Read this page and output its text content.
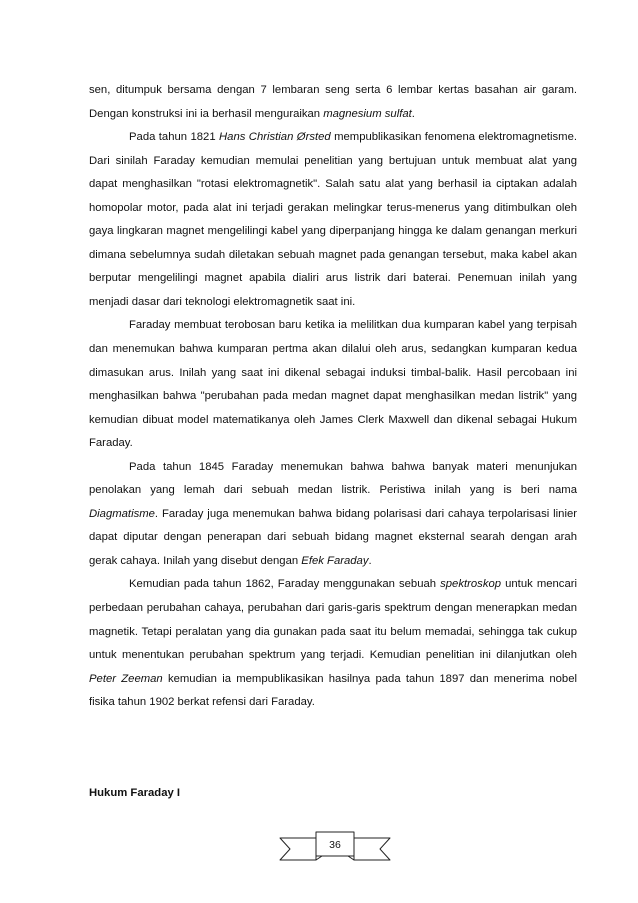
sen, ditumpuk bersama dengan 7 lembaran seng serta 6 lembar kertas basahan air garam. Dengan konstruksi ini ia berhasil menguraikan magnesium sulfat.

Pada tahun 1821 Hans Christian Ørsted mempublikasikan fenomena elektromagnetisme. Dari sinilah Faraday kemudian memulai penelitian yang bertujuan untuk membuat alat yang dapat menghasilkan "rotasi elektromagnetik". Salah satu alat yang berhasil ia ciptakan adalah homopolar motor, pada alat ini terjadi gerakan melingkar terus-menerus yang ditimbulkan oleh gaya lingkaran magnet mengelilingi kabel yang diperpanjang hingga ke dalam genangan merkuri dimana sebelumnya sudah diletakan sebuah magnet pada genangan tersebut, maka kabel akan berputar mengelilingi magnet apabila dialiri arus listrik dari baterai. Penemuan inilah yang menjadi dasar dari teknologi elektromagnetik saat ini.

Faraday membuat terobosan baru ketika ia melilitkan dua kumparan kabel yang terpisah dan menemukan bahwa kumparan pertma akan dilalui oleh arus, sedangkan kumparan kedua dimasukan arus. Inilah yang saat ini dikenal sebagai induksi timbal-balik. Hasil percobaan ini menghasilkan bahwa "perubahan pada medan magnet dapat menghasilkan medan listrik" yang kemudian dibuat model matematikanya oleh James Clerk Maxwell dan dikenal sebagai Hukum Faraday.

Pada tahun 1845 Faraday menemukan bahwa bahwa banyak materi menunjukan penolakan yang lemah dari sebuah medan listrik. Peristiwa inilah yang is beri nama Diagmatisme. Faraday juga menemukan bahwa bidang polarisasi dari cahaya terpolarisasi linier dapat diputar dengan penerapan dari sebuah bidang magnet eksternal searah dengan arah gerak cahaya. Inilah yang disebut dengan Efek Faraday.

Kemudian pada tahun 1862, Faraday menggunakan sebuah spektroskop untuk mencari perbedaan perubahan cahaya, perubahan dari garis-garis spektrum dengan menerapkan medan magnetik. Tetapi peralatan yang dia gunakan pada saat itu belum memadai, sehingga tak cukup untuk menentukan perubahan spektrum yang terjadi. Kemudian penelitian ini dilanjutkan oleh Peter Zeeman kemudian ia mempublikasikan hasilnya pada tahun 1897 dan menerima nobel fisika tahun 1902 berkat refensi dari Faraday.

Hukum Faraday I

36
